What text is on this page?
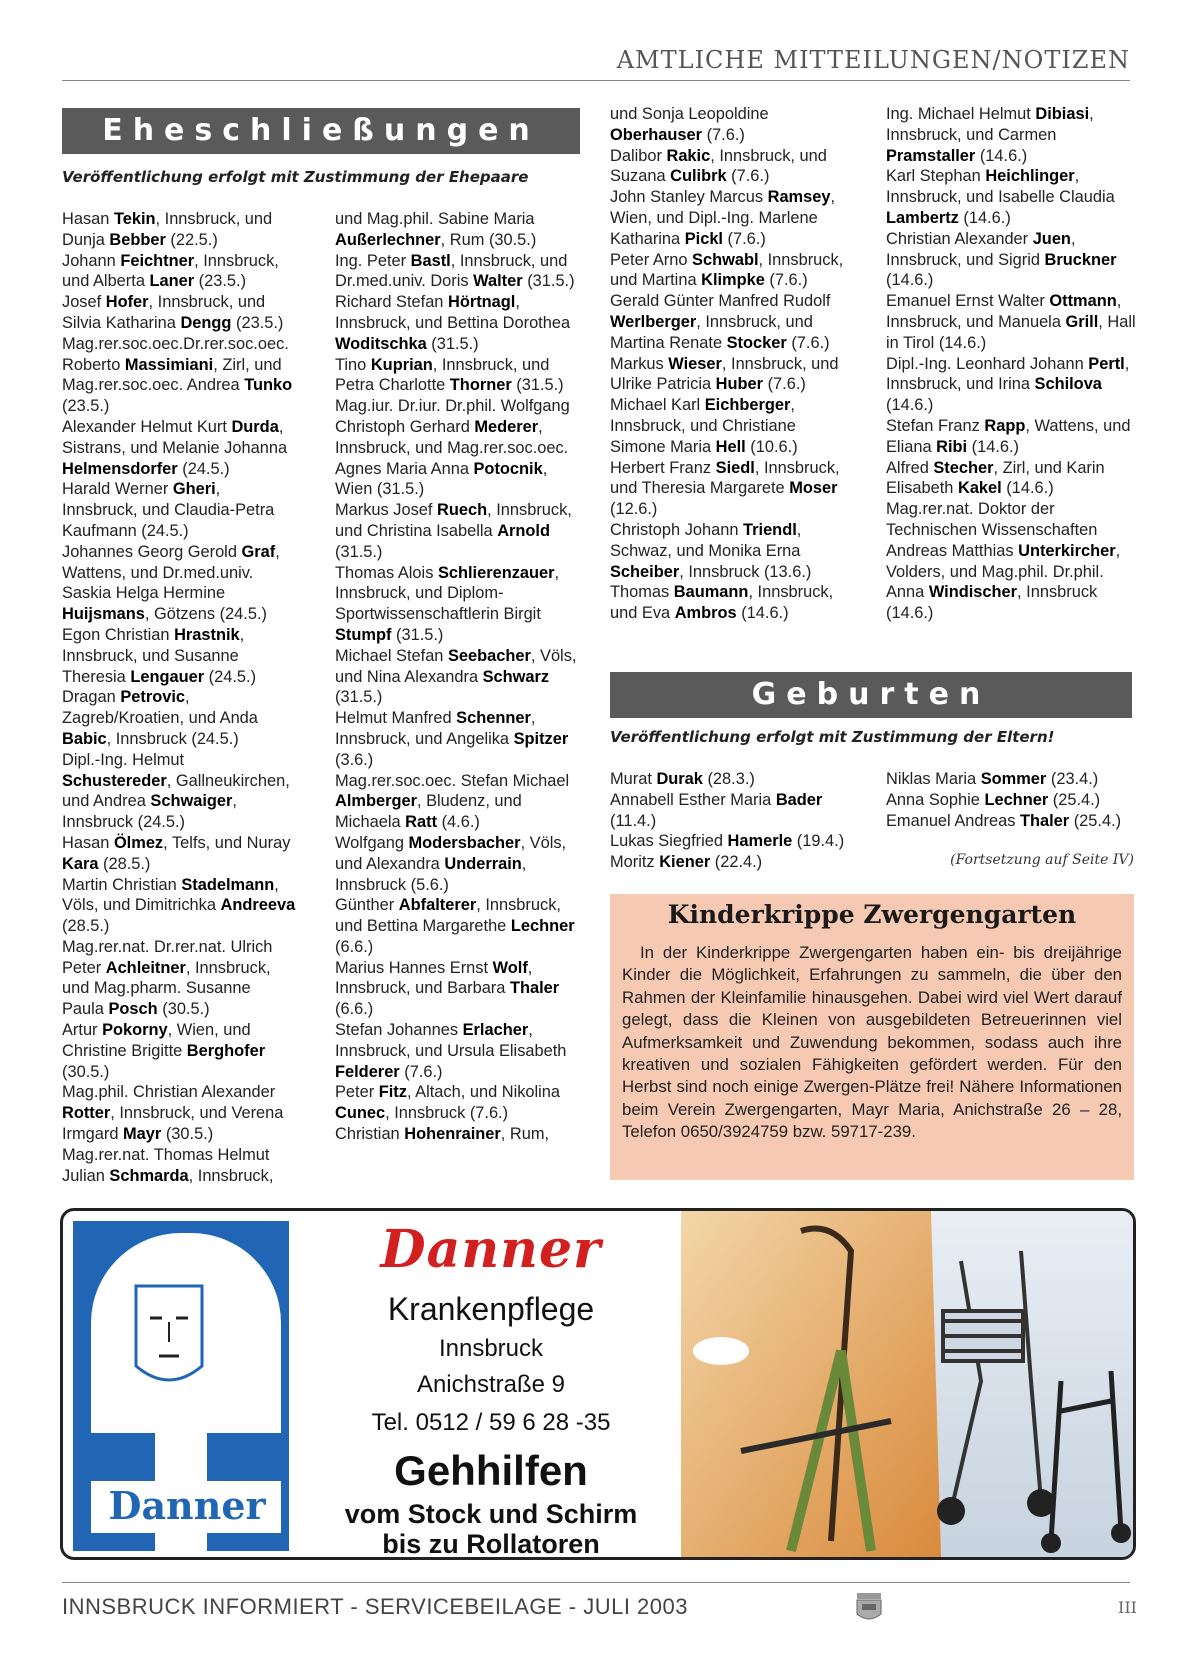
AMTLICHE MITTEILUNGEN/NOTIZEN
Eheschließungen
Veröffentlichung erfolgt mit Zustimmung der Ehepaare
Hasan Tekin, Innsbruck, und Dunja Bebber (22.5.)
Johann Feichtner, Innsbruck, und Alberta Laner (23.5.)
Josef Hofer, Innsbruck, und Silvia Katharina Dengg (23.5.)
Mag.rer.soc.oec.Dr.rer.soc.oec. Roberto Massimiani, Zirl, und Mag.rer.soc.oec. Andrea Tunko (23.5.)
Alexander Helmut Kurt Durda, Sistrans, und Melanie Johanna Helmensdorfer (24.5.)
Harald Werner Gheri, Innsbruck, und Claudia-Petra Kaufmann (24.5.)
Johannes Georg Gerold Graf, Wattens, und Dr.med.univ. Saskia Helga Hermine Huijsmans, Götzens (24.5.)
Egon Christian Hrastnik, Innsbruck, und Susanne Theresia Lengauer (24.5.)
Dragan Petrovic, Zagreb/Kroatien, und Anda Babic, Innsbruck (24.5.)
Dipl.-Ing. Helmut Schustereder, Gallneukirchen, und Andrea Schwaiger, Innsbruck (24.5.)
Hasan Ölmez, Telfs, und Nuray Kara (28.5.)
Martin Christian Stadelmann, Völs, und Dimitrichka Andreeva (28.5.)
Mag.rer.nat. Dr.rer.nat. Ulrich Peter Achleitner, Innsbruck, und Mag.pharm. Susanne Paula Posch (30.5.)
Artur Pokorny, Wien, und Christine Brigitte Berghofer (30.5.)
Mag.phil. Christian Alexander Rotter, Innsbruck, und Verena Irmgard Mayr (30.5.)
Mag.rer.nat. Thomas Helmut Julian Schmarda, Innsbruck,
und Mag.phil. Sabine Maria Außerlechner, Rum (30.5.)
Ing. Peter Bastl, Innsbruck, und Dr.med.univ. Doris Walter (31.5.)
Richard Stefan Hörtnagl, Innsbruck, und Bettina Dorothea Woditschka (31.5.)
Tino Kuprian, Innsbruck, und Petra Charlotte Thorner (31.5.)
Mag.iur. Dr.iur. Dr.phil. Wolfgang Christoph Gerhard Mederer, Innsbruck, und Mag.rer.soc.oec. Agnes Maria Anna Potocnik, Wien (31.5.)
Markus Josef Ruech, Innsbruck, und Christina Isabella Arnold (31.5.)
Thomas Alois Schlierenzauer, Innsbruck, und Diplom-Sportwissenschaftlerin Birgit Stumpf (31.5.)
Michael Stefan Seebacher, Völs, und Nina Alexandra Schwarz (31.5.)
Helmut Manfred Schenner, Innsbruck, und Angelika Spitzer (3.6.)
Mag.rer.soc.oec. Stefan Michael Almberger, Bludenz, und Michaela Ratt (4.6.)
Wolfgang Modersbacher, Völs, und Alexandra Underrain, Innsbruck (5.6.)
Günther Abfalterer, Innsbruck, und Bettina Margarethe Lechner (6.6.)
Marius Hannes Ernst Wolf, Innsbruck, und Barbara Thaler (6.6.)
Stefan Johannes Erlacher, Innsbruck, und Ursula Elisabeth Felderer (7.6.)
Peter Fitz, Altach, und Nikolina Cunec, Innsbruck (7.6.)
Christian Hohenrainer, Rum,
und Sonja Leopoldine Oberhauser (7.6.)
Dalibor Rakic, Innsbruck, und Suzana Culibrk (7.6.)
John Stanley Marcus Ramsey, Wien, und Dipl.-Ing. Marlene Katharina Pickl (7.6.)
Peter Arno Schwabl, Innsbruck, und Martina Klimpke (7.6.)
Gerald Günter Manfred Rudolf Werlberger, Innsbruck, und Martina Renate Stocker (7.6.)
Markus Wieser, Innsbruck, und Ulrike Patricia Huber (7.6.)
Michael Karl Eichberger, Innsbruck, und Christiane Simone Maria Hell (10.6.)
Herbert Franz Siedl, Innsbruck, und Theresia Margarete Moser (12.6.)
Christoph Johann Triendl, Schwaz, und Monika Erna Scheiber, Innsbruck (13.6.)
Thomas Baumann, Innsbruck, und Eva Ambros (14.6.)
Ing. Michael Helmut Dibiasi, Innsbruck, und Carmen Pramstaller (14.6.)
Karl Stephan Heichlinger, Innsbruck, und Isabelle Claudia Lambertz (14.6.)
Christian Alexander Juen, Innsbruck, und Sigrid Bruckner (14.6.)
Emanuel Ernst Walter Ottmann, Innsbruck, und Manuela Grill, Hall in Tirol (14.6.)
Dipl.-Ing. Leonhard Johann Pertl, Innsbruck, und Irina Schilova (14.6.)
Stefan Franz Rapp, Wattens, und Eliana Ribi (14.6.)
Alfred Stecher, Zirl, und Karin Elisabeth Kakel (14.6.)
Mag.rer.nat. Doktor der Technischen Wissenschaften Andreas Matthias Unterkircher, Volders, und Mag.phil. Dr.phil. Anna Windischer, Innsbruck (14.6.)
Geburten
Veröffentlichung erfolgt mit Zustimmung der Eltern!
Murat Durak (28.3.)
Annabell Esther Maria Bader (11.4.)
Lukas Siegfried Hamerle (19.4.)
Moritz Kiener (22.4.)
Niklas Maria Sommer (23.4.)
Anna Sophie Lechner (25.4.)
Emanuel Andreas Thaler (25.4.)
(Fortsetzung auf Seite IV)
Kinderkrippe Zwergengarten
In der Kinderkrippe Zwergengarten haben ein- bis dreijährige Kinder die Möglichkeit, Erfahrungen zu sammeln, die über den Rahmen der Kleinfamilie hinausgehen. Dabei wird viel Wert darauf gelegt, dass die Kleinen von ausgebildeten Betreuerinnen viel Aufmerksamkeit und Zuwendung bekommen, sodass auch ihre kreativen und sozialen Fähigkeiten gefördert werden. Für den Herbst sind noch einige Zwergen-Plätze frei! Nähere Informationen beim Verein Zwergengarten, Mayr Maria, Anichstraße 26 – 28, Telefon 0650/3924759 bzw. 59717-239.
Danner
Krankenpflege
Danner
Krankenpflege
Innsbruck
Anichstraße 9
Tel. 0512 / 59 6 28 -35
Gehhilfen
vom Stock und Schirm
bis zu Rollatoren
INNSBRUCK INFORMIERT - SERVICEBEILAGE - JULI 2003	III
